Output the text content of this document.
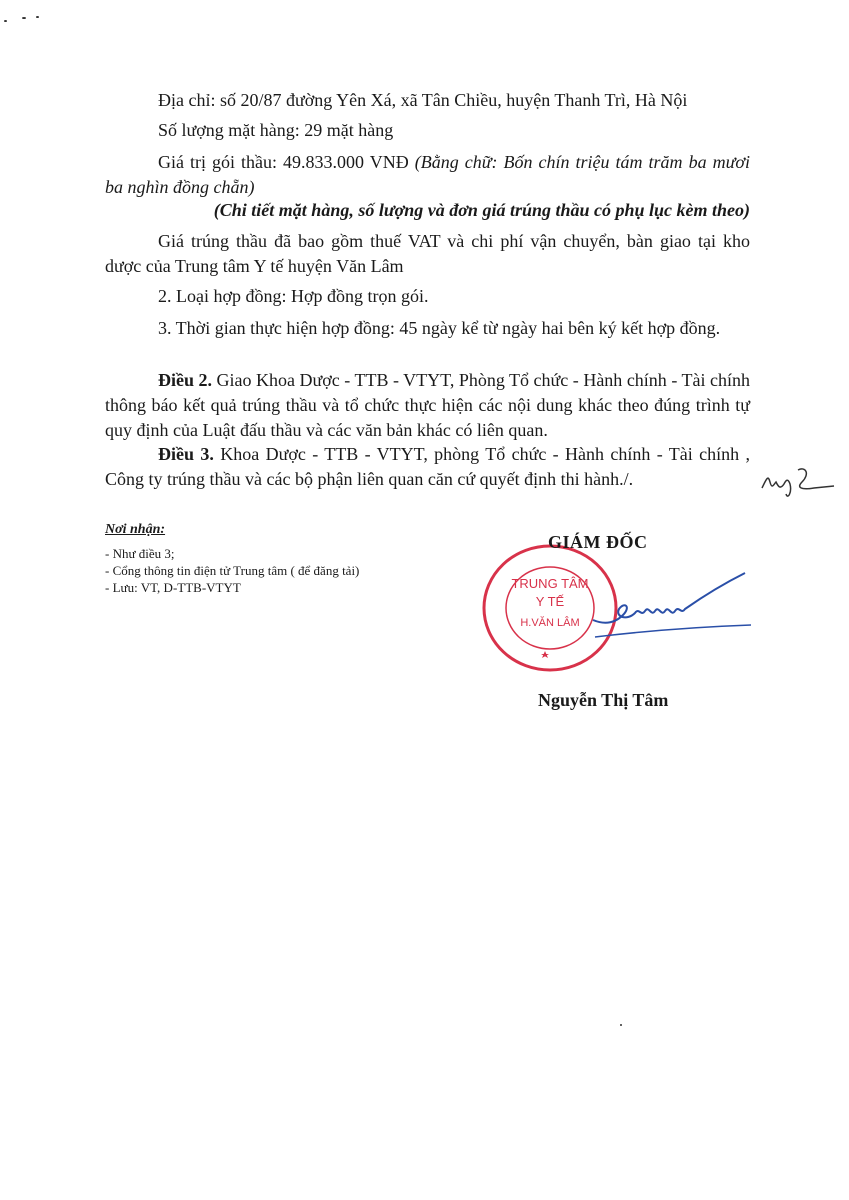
Địa chỉ: số 20/87 đường Yên Xá, xã Tân Chiều, huyện Thanh Trì, Hà Nội

Số lượng mặt hàng: 29 mặt hàng

Giá trị gói thầu: 49.833.000 VNĐ (Bằng chữ: Bốn chín triệu tám trăm ba mươi ba nghìn đồng chẵn)

(Chi tiết mặt hàng, số lượng và đơn giá trúng thầu có phụ lục kèm theo)

Giá trúng thầu đã bao gồm thuế VAT và chi phí vận chuyển, bàn giao tại kho dược của Trung tâm Y tế huyện Văn Lâm

2. Loại hợp đồng: Hợp đồng trọn gói.

3. Thời gian thực hiện hợp đồng: 45 ngày kể từ ngày hai bên ký kết hợp đồng.

Điều 2. Giao Khoa Dược - TTB - VTYT, Phòng Tổ chức - Hành chính - Tài chính thông báo kết quả trúng thầu và tổ chức thực hiện các nội dung khác theo đúng trình tự quy định của Luật đấu thầu và các văn bản khác có liên quan.

Điều 3. Khoa Dược - TTB - VTYT, phòng Tổ chức - Hành chính - Tài chính , Công ty trúng thầu và các bộ phận liên quan căn cứ quyết định thi hành./.

Nơi nhận:
- Như điều 3;
- Cổng thông tin điện tử Trung tâm ( để đăng tải)
- Lưu: VT, D-TTB-VTYT	TRUNG TÂM
Y TẾ
H.VĂN LÂM
GIÁM ĐỐC
Nguyễn Thị Tâm
